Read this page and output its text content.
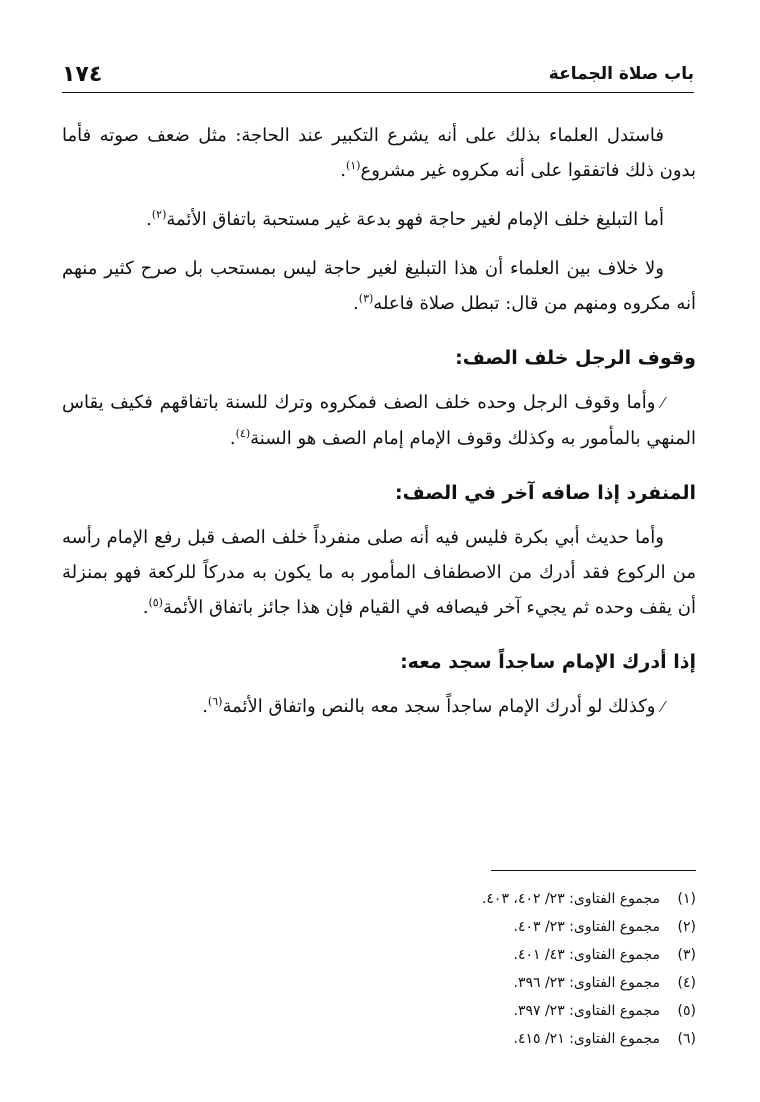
١٧٤	باب صلاة الجماعة

فاستدل العلماء بذلك على أنه يشرع التكبير عند الحاجة: مثل ضعف صوته فأما بدون ذلك فاتفقوا على أنه مكروه غير مشروع$^{(١)}$.

أما التبليغ خلف الإمام لغير حاجة فهو بدعة غير مستحبة باتفاق الأئمة$^{(٢)}$.

ولا خلاف بين العلماء أن هذا التبليغ لغير حاجة ليس بمستحب بل صرح كثير منهم أنه مكروه ومنهم من قال: تبطل صلاة فاعله$^{(٣)}$.

وقوف الرجل خلف الصف:

⁄وأما وقوف الرجل وحده خلف الصف فمكروه وترك للسنة باتفاقهم فكيف يقاس المنهي بالمأمور به وكذلك وقوف الإمام إمام الصف هو السنة$^{(٤)}$.

المنفرد إذا صافه آخر في الصف:

وأما حديث أبي بكرة فليس فيه أنه صلى منفرداً خلف الصف قبل رفع الإمام رأسه من الركوع فقد أدرك من الاصطفاف المأمور به ما يكون به مدركاً للركعة فهو بمنزلة أن يقف وحده ثم يجيء آخر فيصافه في القيام فإن هذا جائز باتفاق الأئمة$^{(٥)}$.

إذا أدرك الإمام ساجداً سجد معه:

⁄وكذلك لو أدرك الإمام ساجداً سجد معه بالنص واتفاق الأئمة$^{(٦)}$.

(١)مجموع الفتاوى: ٢٣/ ٤٠٢، ٤٠٣.
(٢)مجموع الفتاوى: ٢٣/ ٤٠٣.
(٣)مجموع الفتاوى: ٤٣/ ٤٠١.
(٤)مجموع الفتاوى: ٢٣/ ٣٩٦.
(٥)مجموع الفتاوى: ٢٣/ ٣٩٧.
(٦)مجموع الفتاوى: ٢١/ ٤١٥.
